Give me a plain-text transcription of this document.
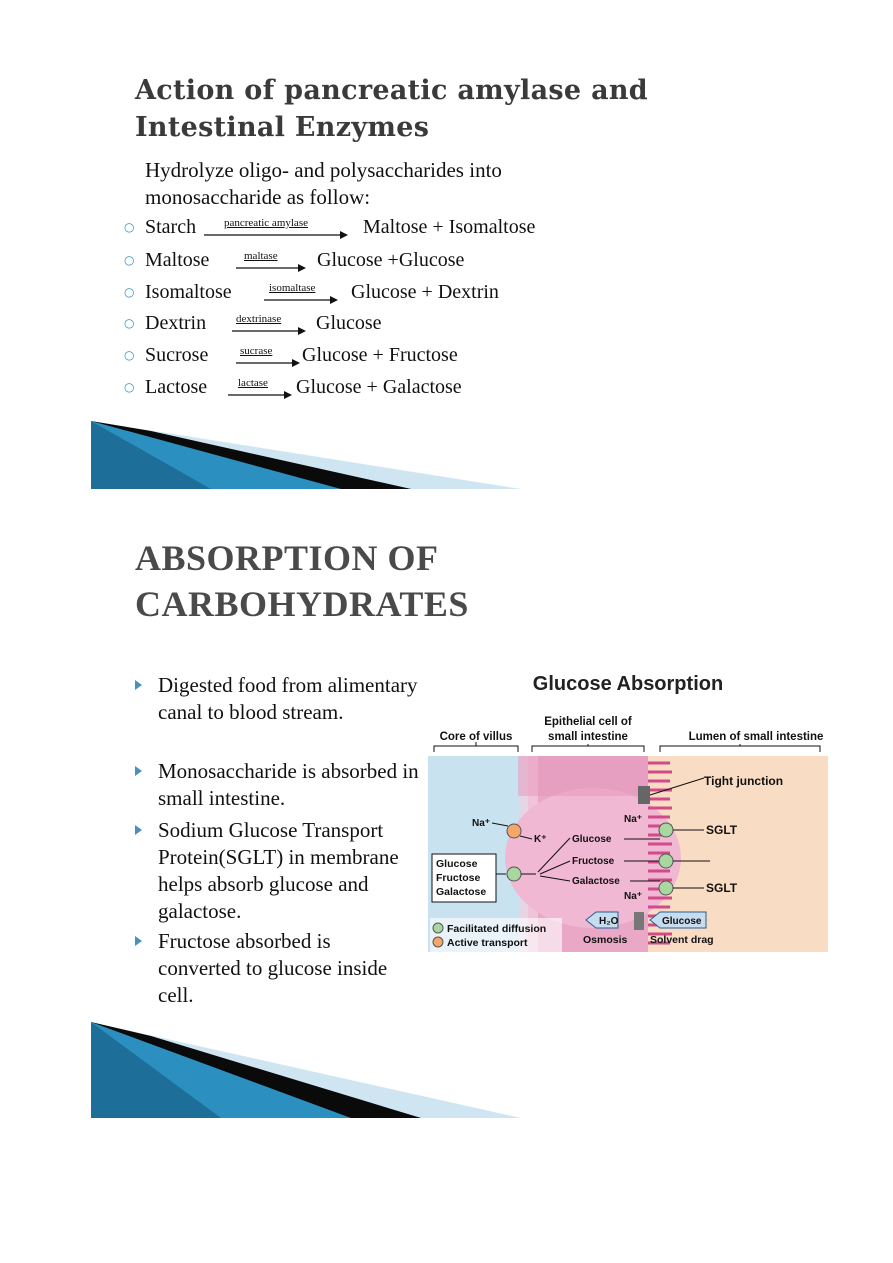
Action of pancreatic amylase and
Intestinal Enzymes
Hydrolyze oligo- and polysaccharides into
monosaccharide as follow:
○ Starch	pancreatic amylase	Maltose + Isomaltose
○ Maltose	maltase → Glucose +Glucose
○ Isomaltose	isomaltase → Glucose + Dextrin
○ Dextrin	dextrinase → Glucose
○ Sucrose	sucrase → Glucose + Fructose
○ Lactose	lactase → Glucose + Galactose
ABSORPTION OF
CARBOHYDRATES
Digested food from alimentary canal to blood stream.
Monosaccharide is absorbed in small intestine.
Sodium Glucose Transport Protein(SGLT) in membrane helps absorb glucose and galactose.
Fructose absorbed is converted to glucose inside cell.
Glucose Absorption
Core of villus
Epithelial cell of
small intestine	Lumen of small intestine
Tight junction
Na⁺
K⁺
Glucose
Fructose
Galactose
Glucose
Fructose
Galactose
Na⁺
SGLT
SGLT
Na⁺
H₂O	Glucose
Osmosis Solvent drag
Facilitated diffusion
Active transport
